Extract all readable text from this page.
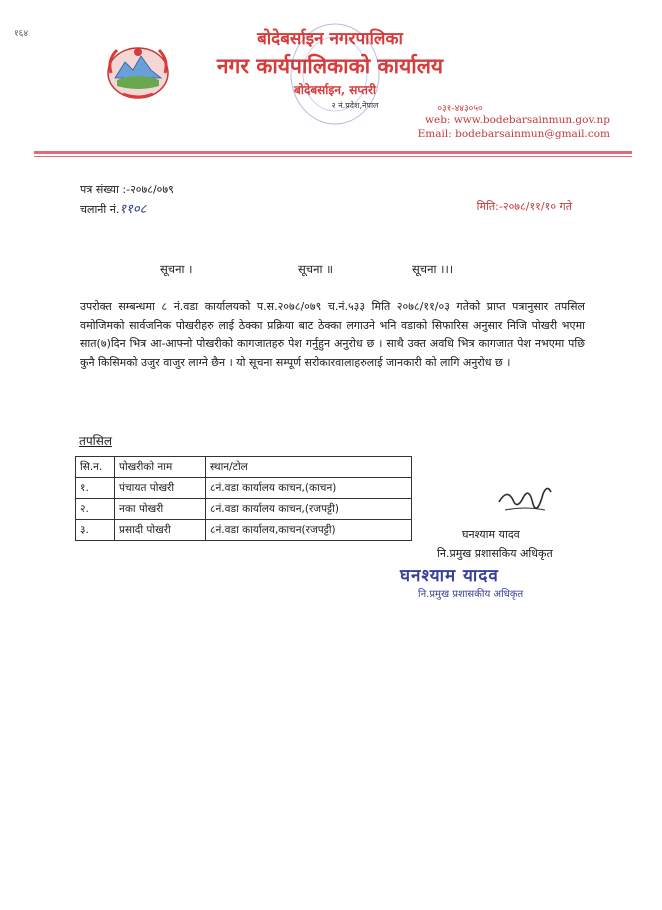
१६४	बोदेबर्साइन नगरपालिका
नगर कार्यपालिकाको कार्यालय
बोदेबर्साइन, सप्तरी
२ नं.प्रदेश,नेपाल	०३१-४४३०५०
web: www.bodebarsainmun.gov.np
Email: bodebarsainmun@gmail.com
पत्र संख्या :-२०७८/०७९
चलानी नं.११०८	मिति:-२०७८/११/१० गते
सूचना ।	सूचना ॥	सूचना ।।।
उपरोक्त सम्बन्धमा ८ नं.वडा कार्यालयको प.स.२०७८/०७९ च.नं.५३३ मिति २०७८/११/०३ गतेको प्राप्त पत्रानुसार तपसिल वमोजिमको सार्वजनिक पोखरीहरु लाई ठेक्का प्रक्रिया बाट ठेक्का लगाउने भनि वडाको सिफारिस अनुसार निजि पोखरी भएमा सात(७)दिन भित्र आ-आफ्नो पोखरीको कागजातहरु पेश गर्नुहुन अनुरोध छ । साथै उक्त अवधि भित्र कागजात पेश नभएमा पछि कुनै किसिमको उजुर वाजुर लाग्ने छैन । यो सूचना सम्पूर्ण सरोकारवालाहरुलाई जानकारी को लागि अनुरोध छ ।
तपसिल
सि.न.	पोखरीको नाम	स्थान/टोल
१.	पंचायत पोखरी	८नं.वडा कार्यालय काचन,(काचन)
२.	नका पोखरी	८नं.वडा कार्यालय काचन,(रजपट्टी)
३.	प्रसादी पोखरी	८नं.वडा कार्यालय,काचन(रजपट्टी)	घनश्याम यादव
नि.प्रमुख प्रशासकिय अधिकृत
घनश्याम यादव
नि.प्रमुख प्रशासकीय अधिकृत
